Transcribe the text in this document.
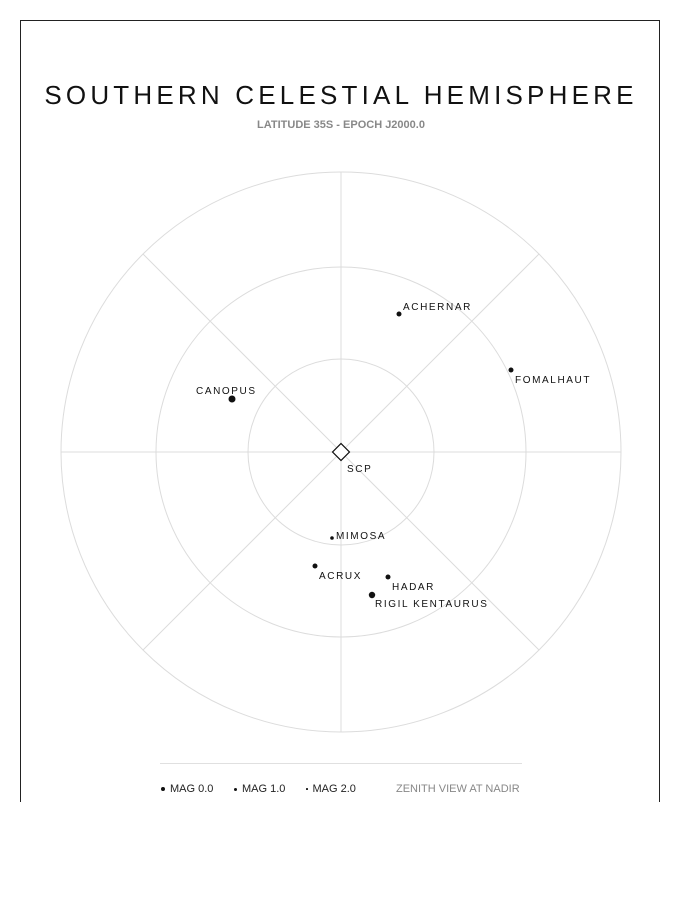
SOUTHERN CELESTIAL HEMISPHERE
LATITUDE 35S - EPOCH J2000.0
SCP
ACHERNAR
FOMALHAUT
CANOPUS
MIMOSA
ACRUX
HADAR
RIGIL KENTAURUS
MAG 0.0	MAG 1.0	MAG 2.0	ZENITH VIEW AT NADIR
